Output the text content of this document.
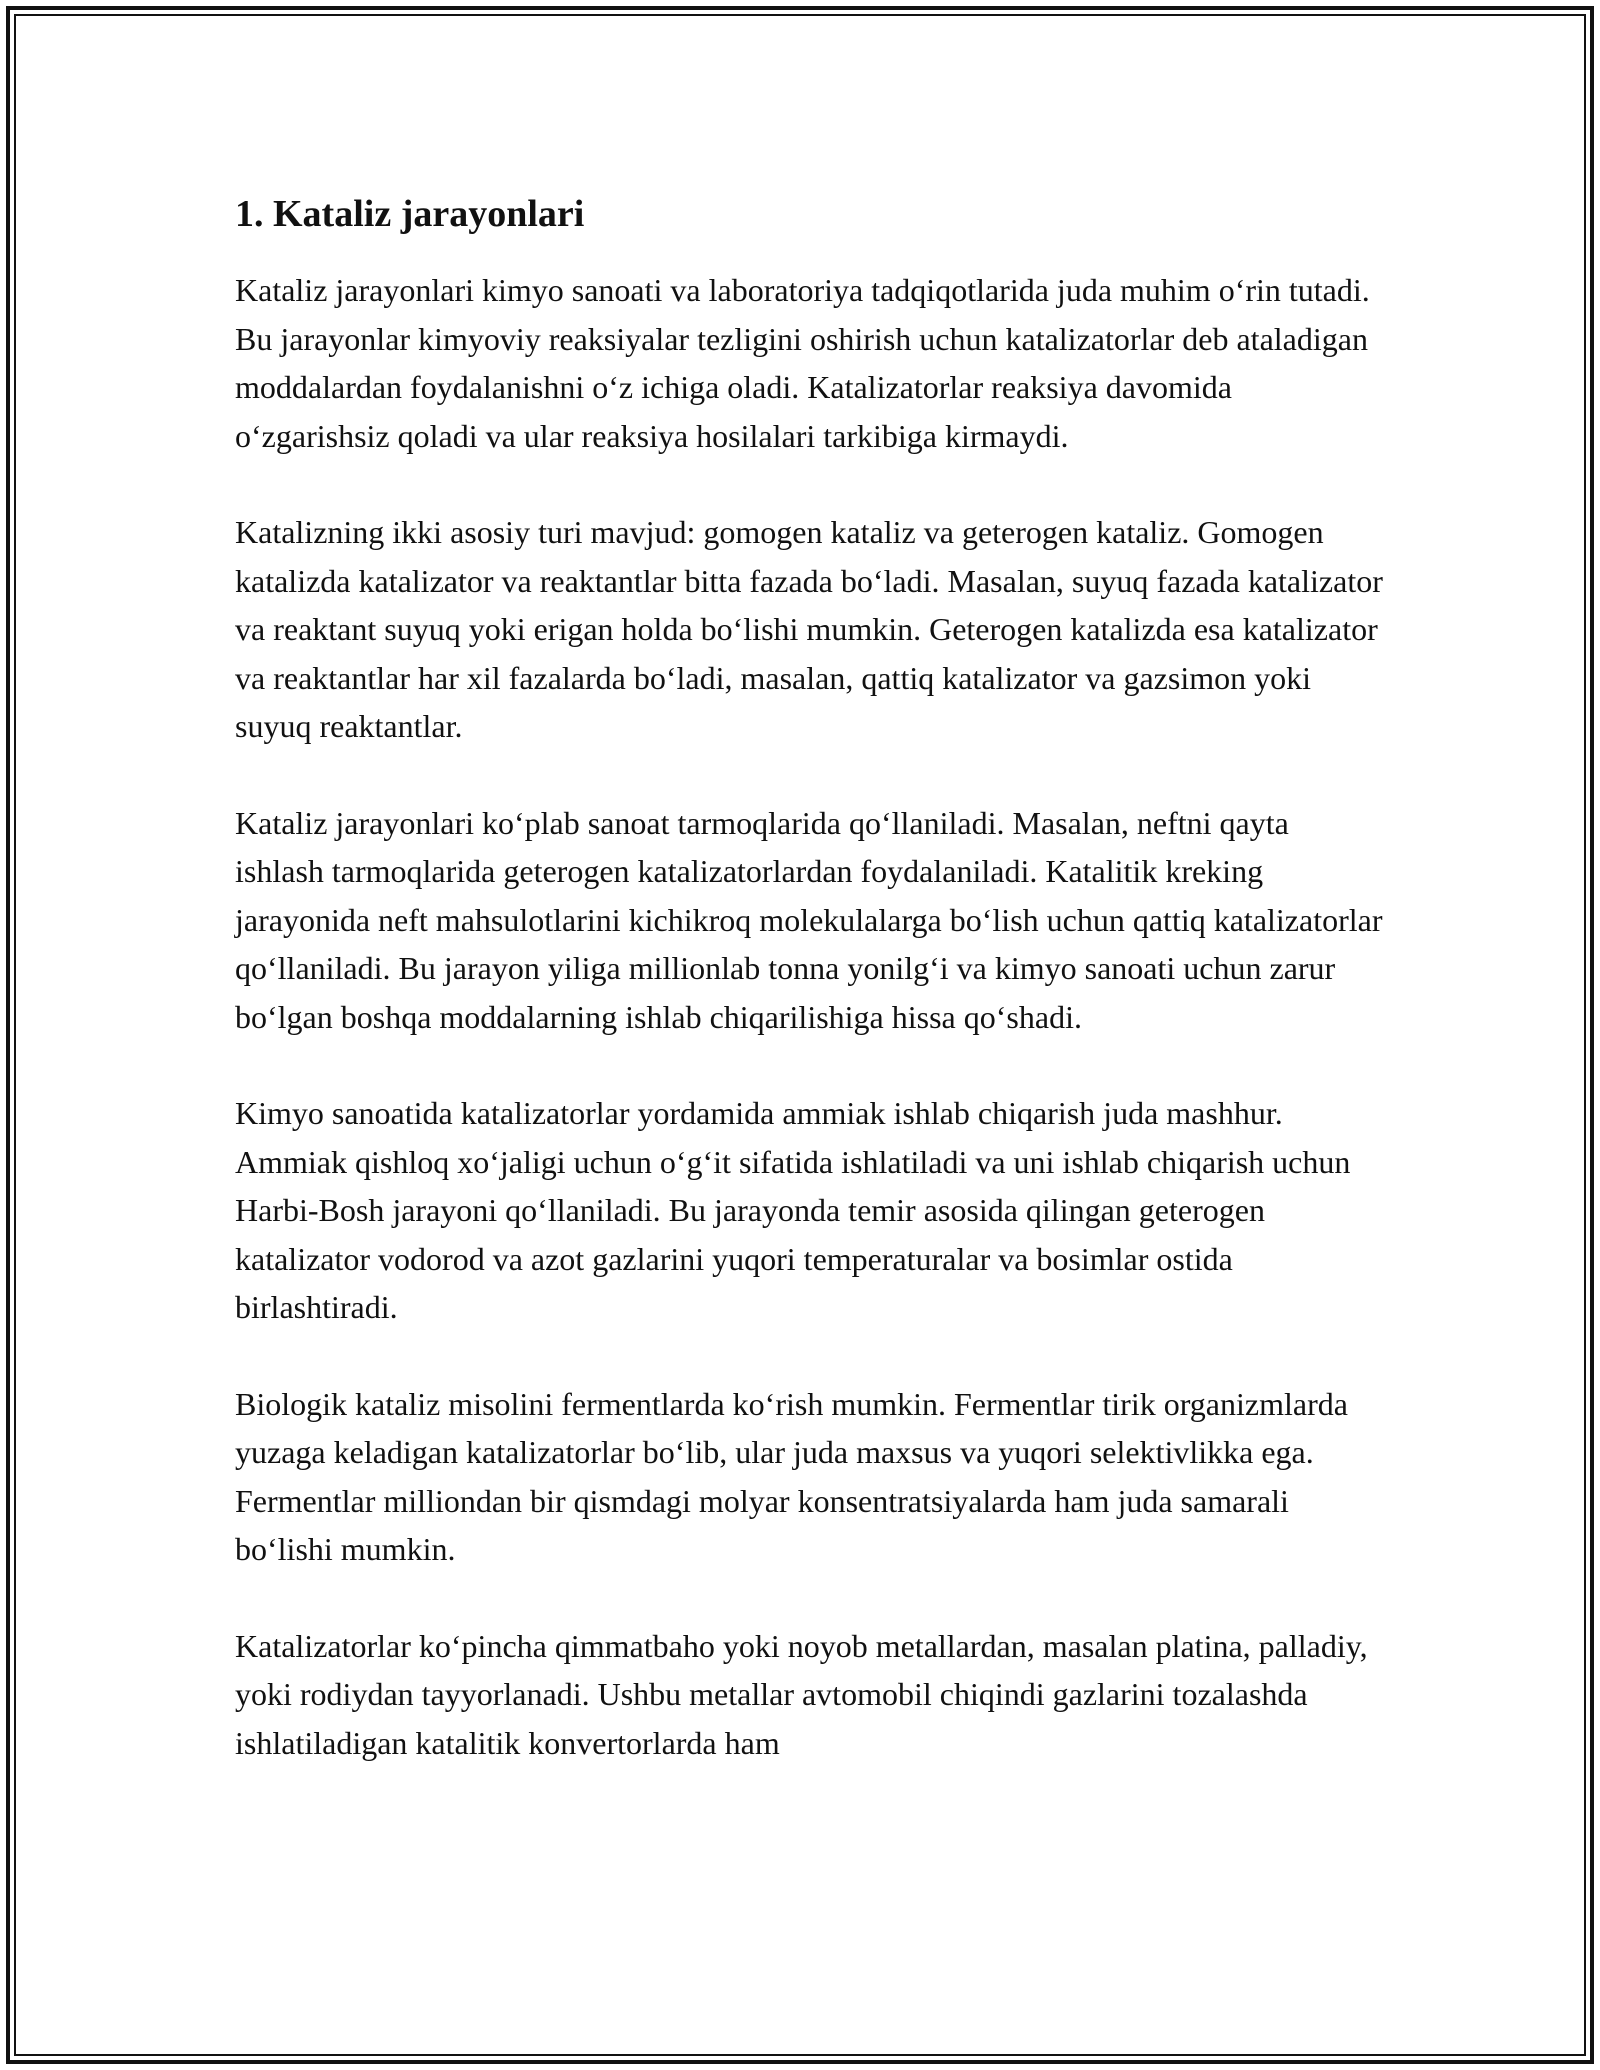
1. Kataliz jarayonlari

Kataliz jarayonlari kimyo sanoati va laboratoriya tadqiqotlarida juda muhim o‘rin tutadi. Bu jarayonlar kimyoviy reaksiyalar tezligini oshirish uchun katalizatorlar deb ataladigan moddalardan foydalanishni o‘z ichiga oladi. Katalizatorlar reaksiya davomida o‘zgarishsiz qoladi va ular reaksiya hosilalari tarkibiga kirmaydi.

Katalizning ikki asosiy turi mavjud: gomogen kataliz va geterogen kataliz. Gomogen katalizda katalizator va reaktantlar bitta fazada bo‘ladi. Masalan, suyuq fazada katalizator va reaktant suyuq yoki erigan holda bo‘lishi mumkin. Geterogen katalizda esa katalizator va reaktantlar har xil fazalarda bo‘ladi, masalan, qattiq katalizator va gazsimon yoki suyuq reaktantlar.

Kataliz jarayonlari ko‘plab sanoat tarmoqlarida qo‘llaniladi. Masalan, neftni qayta ishlash tarmoqlarida geterogen katalizatorlardan foydalaniladi. Katalitik kreking jarayonida neft mahsulotlarini kichikroq molekulalarga bo‘lish uchun qattiq katalizatorlar qo‘llaniladi. Bu jarayon yiliga millionlab tonna yonilg‘i va kimyo sanoati uchun zarur bo‘lgan boshqa moddalarning ishlab chiqarilishiga hissa qo‘shadi.

Kimyo sanoatida katalizatorlar yordamida ammiak ishlab chiqarish juda mashhur. Ammiak qishloq xo‘jaligi uchun o‘g‘it sifatida ishlatiladi va uni ishlab chiqarish uchun Harbi-Bosh jarayoni qo‘llaniladi. Bu jarayonda temir asosida qilingan geterogen katalizator vodorod va azot gazlarini yuqori temperaturalar va bosimlar ostida birlashtiradi.

Biologik kataliz misolini fermentlarda ko‘rish mumkin. Fermentlar tirik organizmlarda yuzaga keladigan katalizatorlar bo‘lib, ular juda maxsus va yuqori selektivlikka ega. Fermentlar milliondan bir qismdagi molyar konsentratsiyalarda ham juda samarali bo‘lishi mumkin.

Katalizatorlar ko‘pincha qimmatbaho yoki noyob metallardan, masalan platina, palladiy, yoki rodiydan tayyorlanadi. Ushbu metallar avtomobil chiqindi gazlarini tozalashda ishlatiladigan katalitik konvertorlarda ham
